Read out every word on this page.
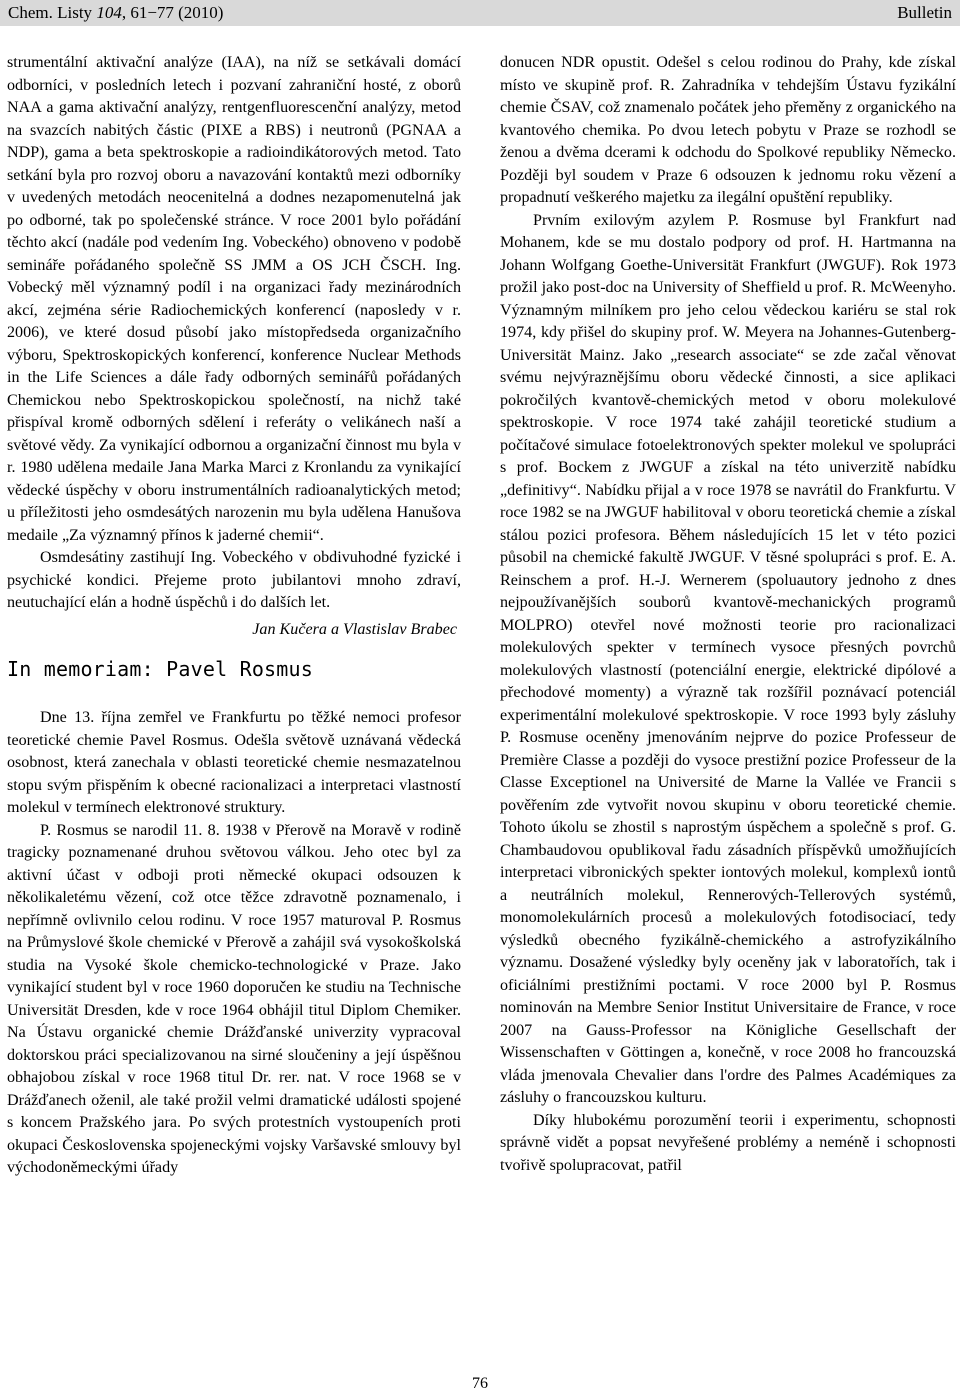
Chem. Listy 104, 61−77 (2010)	Bulletin

strumentální aktivační analýze (IAA), na níž se setkávali domácí odborníci, v posledních letech i pozvaní zahraniční hosté, z oborů NAA a gama aktivační analýzy, rentgenfluorescenční analýzy, metod na svazcích nabitých částic (PIXE a RBS) i neutronů (PGNAA a NDP), gama a beta spektroskopie a radioindikátorových metod. Tato setkání byla pro rozvoj oboru a navazování kontaktů mezi odborníky v uvedených metodách neocenitelná a dodnes nezapomenutelná jak po odborné, tak po společenské stránce. V roce 2001 bylo pořádání těchto akcí (nadále pod vedením Ing. Vobeckého) obnoveno v podobě semináře pořádaného společně SS JMM a OS JCH ČSCH. Ing. Vobecký měl významný podíl i na organizaci řady mezinárodních akcí, zejména série Radiochemických konferencí (naposledy v r. 2006), ve které dosud působí jako místopředseda organizačního výboru, Spektroskopických konferencí, konference Nuclear Methods in the Life Sciences a dále řady odborných seminářů pořádaných Chemickou nebo Spektroskopickou společností, na nichž také přispíval kromě odborných sdělení i referáty o velikánech naší a světové vědy. Za vynikající odbornou a organizační činnost mu byla v r. 1980 udělena medaile Jana Marka Marci z Kronlandu za vynikající vědecké úspěchy v oboru instrumentálních radioanalytických metod; u příležitosti jeho osmdesátých narozenin mu byla udělena Hanušova medaile „Za významný přínos k jaderné chemii“.

Osmdesátiny zastihují Ing. Vobeckého v obdivuhodné fyzické i psychické kondici. Přejeme proto jubilantovi mnoho zdraví, neutuchající elán a hodně úspěchů i do dalších let.

Jan Kučera a Vlastislav Brabec

In memoriam: Pavel Rosmus

Dne 13. října zemřel ve Frankfurtu po těžké nemoci profesor teoretické chemie Pavel Rosmus. Odešla světově uznávaná vědecká osobnost, která zanechala v oblasti teoretické chemie nesmazatelnou stopu svým přispěním k obecné racionalizaci a interpretaci vlastností molekul v termínech elektronové struktury.

P. Rosmus se narodil 11. 8. 1938 v Přerově na Moravě v rodině tragicky poznamenané druhou světovou válkou. Jeho otec byl za aktivní účast v odboji proti německé okupaci odsouzen k několikaletému vězení, což otce těžce zdravotně poznamenalo, i nepřímně ovlivnilo celou rodinu. V roce 1957 maturoval P. Rosmus na Průmyslové škole chemické v Přerově a zahájil svá vysokoškolská studia na Vysoké škole chemicko-technologické v Praze. Jako vynikající student byl v roce 1960 doporučen ke studiu na Technische Universität Dresden, kde v roce 1964 obhájil titul Diplom Chemiker. Na Ústavu organické chemie Drážďanské univerzity vypracoval doktorskou práci specializovanou na sirné sloučeniny a její úspěšnou obhajobou získal v roce 1968 titul Dr. rer. nat. V roce 1968 se v Drážďanech oženil, ale také prožil velmi dramatické události spojené s koncem Pražského jara. Po svých protestních vystoupeních proti okupaci Československa spojeneckými vojsky Varšavské smlouvy byl východoněmeckými úřady

donucen NDR opustit. Odešel s celou rodinou do Prahy, kde získal místo ve skupině prof. R. Zahradníka v tehdejším Ústavu fyzikální chemie ČSAV, což znamenalo počátek jeho přeměny z organického na kvantového chemika. Po dvou letech pobytu v Praze se rozhodl se ženou a dvěma dcerami k odchodu do Spolkové republiky Německo. Později byl soudem v Praze 6 odsouzen k jednomu roku vězení a propadnutí veškerého majetku za ilegální opuštění republiky.

Prvním exilovým azylem P. Rosmuse byl Frankfurt nad Mohanem, kde se mu dostalo podpory od prof. H. Hartmanna na Johann Wolfgang Goethe-Universität Frankfurt (JWGUF). Rok 1973 prožil jako post-doc na University of Sheffield u prof. R. McWeenyho. Významným milníkem pro jeho celou vědeckou kariéru se stal rok 1974, kdy přišel do skupiny prof. W. Meyera na Johannes-Gutenberg-Universität Mainz. Jako „research associate“ se zde začal věnovat svému nejvýraznějšímu oboru vědecké činnosti, a sice aplikaci pokročilých kvantově-chemických metod v oboru molekulové spektroskopie. V roce 1974 také zahájil teoretické studium a počítačové simulace fotoelektronových spekter molekul ve spolupráci s prof. Bockem z JWGUF a získal na této univerzitě nabídku „definitivy“. Nabídku přijal a v roce 1978 se navrátil do Frankfurtu. V roce 1982 se na JWGUF habilitoval v oboru teoretická chemie a získal stálou pozici profesora. Během následujících 15 let v této pozici působil na chemické fakultě JWGUF. V těsné spolupráci s prof. E. A. Reinschem a prof. H.-J. Wernerem (spoluautory jednoho z dnes nejpoužívanějších souborů kvantově-mechanických programů MOLPRO) otevřel nové možnosti teorie pro racionalizaci molekulových spekter v termínech vysoce přesných povrchů molekulových vlastností (potenciální energie, elektrické dipólové a přechodové momenty) a výrazně tak rozšířil poznávací potenciál experimentální molekulové spektroskopie. V roce 1993 byly zásluhy P. Rosmuse oceněny jmenováním nejprve do pozice Professeur de Première Classe a později do vysoce prestižní pozice Professeur de la Classe Exceptionel na Université de Marne la Vallée ve Francii s pověřením zde vytvořit novou skupinu v oboru teoretické chemie. Tohoto úkolu se zhostil s naprostým úspěchem a společně s prof. G. Chambaudovou opublikoval řadu zásadních příspěvků umožňujících interpretaci vibronických spekter iontových molekul, komplexů iontů a neutrálních molekul, Rennerových-Tellerových systémů, monomolekulárních procesů a molekulových fotodisociací, tedy výsledků obecného fyzikálně-chemického a astrofyzikálního významu. Dosažené výsledky byly oceněny jak v laboratořích, tak i oficiálními prestižními poctami. V roce 2000 byl P. Rosmus nominován na Membre Senior Institut Universitaire de France, v roce 2007 na Gauss-Professor na Königliche Gesellschaft der Wissenschaften v Göttingen a, konečně, v roce 2008 ho francouzská vláda jmenovala Chevalier dans l'ordre des Palmes Académiques za zásluhy o francouzskou kulturu.

Díky hlubokému porozumění teorii i experimentu, schopnosti správně vidět a popsat nevyřešené problémy a neméně i schopnosti tvořivě spolupracovat, patřil

76
